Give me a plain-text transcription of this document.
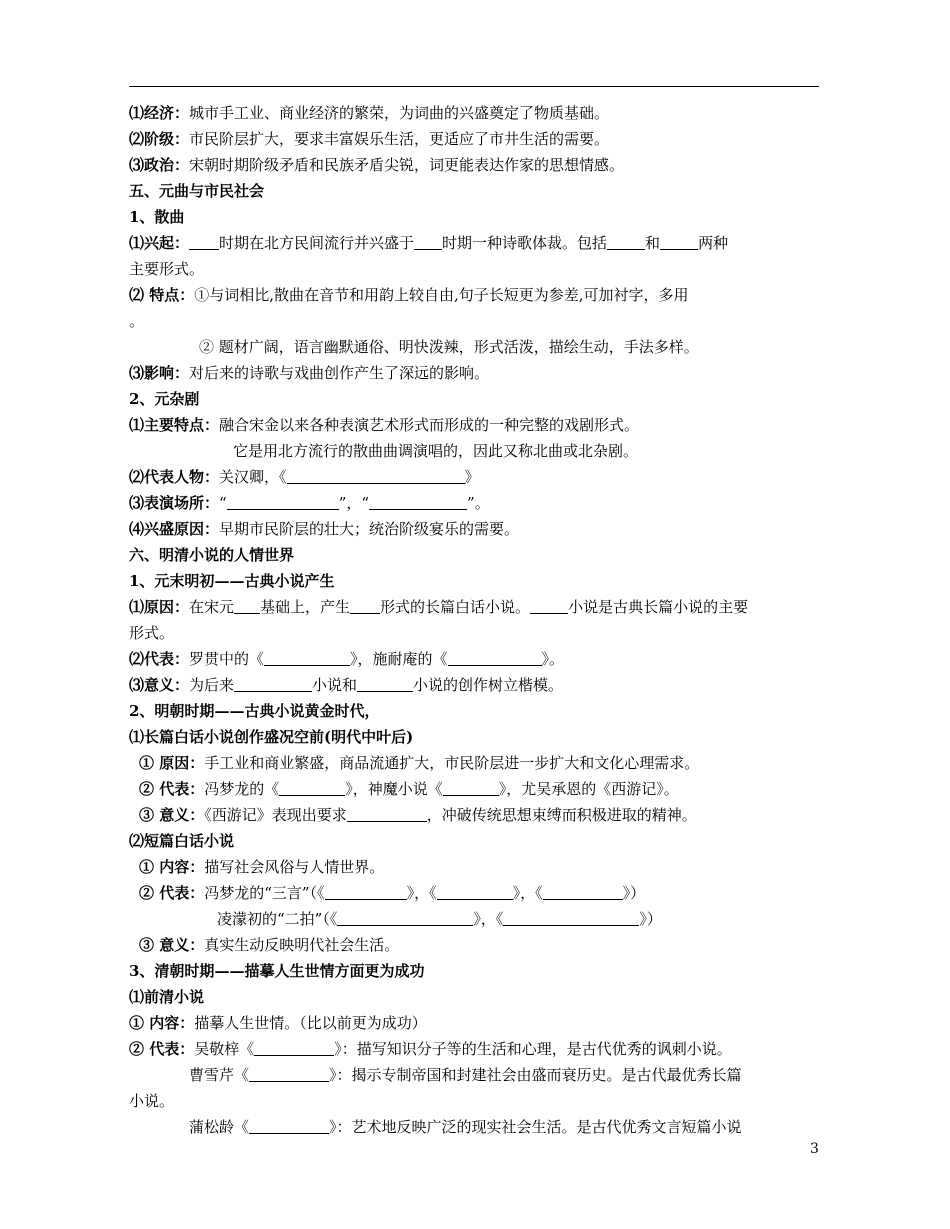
⑴经济：城市手工业、商业经济的繁荣，为词曲的兴盛奠定了物质基础。
⑵阶级：市民阶层扩大，要求丰富娱乐生活，更适应了市井生活的需要。
⑶政治：宋朝时期阶级矛盾和民族矛盾尖锐，词更能表达作家的思想情感。
五、元曲与市民社会
1、散曲
⑴兴起： 时期在北方民间流行并兴盛于 时期一种诗歌体裁。包括	和	两种
主要形式。
⑵ 特点：①与词相比,散曲在音节和用韵上较自由,句子长短更为参差,可加衬字，多用
。
② 题材广阔，语言幽默通俗、明快泼辣，形式活泼，描绘生动，手法多样。
⑶影响：对后来的诗歌与戏曲创作产生了深远的影响。
2、元杂剧
⑴主要特点：融合宋金以来各种表演艺术形式而形成的一种完整的戏剧形式。
它是用北方流行的散曲曲调演唱的，因此又称北曲或北杂剧。
⑵代表人物：关汉卿，《	》
⑶表演场所：“	”，“	”。
⑷兴盛原因：早期市民阶层的壮大；统治阶级宴乐的需要。
六、明清小说的人情世界
1、元末明初——古典小说产生
⑴原因：在宋元 基础上，产生 形式的长篇白话小说。	小说是古典长篇小说的主要
形式。
⑵代表：罗贯中的《	》，施耐庵的《	》。
⑶意义：为后来	小说和	小说的创作树立楷模。
2、明朝时期——古典小说黄金时代，
⑴长篇白话小说创作盛况空前(明代中叶后)
① 原因：手工业和商业繁盛，商品流通扩大，市民阶层进一步扩大和文化心理需求。
② 代表：冯梦龙的《	》，神魔小说《	》，尤吴承恩的《西游记》。
③ 意义：《西游记》表现出要求	，冲破传统思想束缚而积极进取的精神。
⑵短篇白话小说
① 内容：描写社会风俗与人情世界。
② 代表：冯梦龙的“三言”（《	》，《	》，《	》）
凌濛初的“二拍”（《	》，《	》）
③ 意义：真实生动反映明代社会生活。
3、清朝时期——描摹人生世情方面更为成功
⑴前清小说
① 内容：描摹人生世情。（比以前更为成功）
② 代表：吴敬梓《	》：描写知识分子等的生活和心理，是古代优秀的讽刺小说。
曹雪芹《	》：揭示专制帝国和封建社会由盛而衰历史。是古代最优秀长篇
小说。
蒲松龄《	》：艺术地反映广泛的现实社会生活。是古代优秀文言短篇小说
3
